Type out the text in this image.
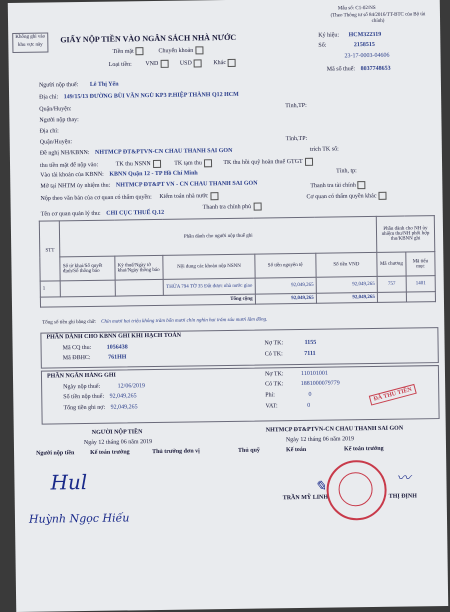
Không ghi vào khu vực này
GIẤY NỘP TIỀN VÀO NGÂN SÁCH NHÀ NƯỚC
Mẫu số: C1-02/NS
(Theo Thông tư số 84/2016/TT-BTC của Bộ tài chính)
Tiền mặt	Chuyển khoản
Loại tiền: VND	USD	Khác
Ký hiệu: HCM322319
Số:	2158515
23-17-0003-04606
Mã số thuế: 8037748653
Người nộp thuế: Lê Thị Yến
Địa chỉ: 149/15/13 ĐƯỜNG BÙI VĂN NGÙ KP3 P.HIỆP THÀNH Q12 HCM
Quận/Huyện:
Tỉnh,TP:
Người nộp thay:
Địa chỉ:
Quận/Huyện:
Tỉnh,TP:
Đề nghị NH/KBNN: NHTMCP ĐT&PTVN-CN CHAU THANH SAI GON	trích TK số:
thu tiền mặt để nộp vào:	TK thu NSNN	TK tạm thu	TK thu hồi quỹ hoàn thuế GTGT
Vào tài khoản của KBNN: KBNN Quận 12 - TP Hồ Chí Minh	Tỉnh, tp:
Mở tại NHTM ủy nhiệm thu: NHTMCP ĐT&PT VN - CN CHAU THANH SAI GON
Nộp theo văn bản của cơ quan có thẩm quyền: Kiểm toán nhà nước
Thanh tra tài chính
Thanh tra chính phủ
Cơ quan có thẩm quyền khác
Tên cơ quan quản lý thu: CHI CỤC THUẾ Q.12
STT	Phần dành cho người nộp thuế ghi					Phần dành cho NH ủy nhiệm thu/NH phối hợp thu/KBNN ghi	
	Số tờ khai/Số quyết định/Số thông báo	Kỳ thuế/Ngày tờ khai/Ngày thông báo	Nội dung các khoản nộp NSNN	Số tiền nguyên tệ	Số tiền VND	Mã chương	Mã tiểu mục
1			THỬA 794 TỜ 35 Đất được nhà nước giao	92,049,265	92,049,265	757	1401
Tổng cộng				92,049,265	92,049,265		
Tổng số tiền ghi bằng chữ: Chín mươi hai triệu không trăm bốn mươi chín nghìn hai trăm sáu mươi lăm đồng.
PHẦN DÀNH CHO KBNN GHI KHI HẠCH TOÁN
Mã CQ thu:	1056438
Mã ĐBHC:	761HH
Nợ TK:	1155
Có TK:	7111
PHẦN NGÂN HÀNG GHI
Ngày nộp thuế:	12/06/2019
Số tiền nộp thuế: 92,049,265
Tổng tiền ghi nợ: 92,049,265
Nợ TK:	110101001
Có TK:	1881000079779
Phí:	0
VAT:	0
ĐÃ THU TIỀN
NGƯỜI NỘP TIỀN
Ngày 12 tháng 06 năm 2019
Người nộp tiền	Kế toán trưởng	Thủ trưởng đơn vị
NHTMCP ĐT&PTVN-CN CHAU THANH SAI GON
Ngày 12 tháng 06 năm 2019
Thủ quỹ	Kế toán	Kế toán trưởng
Hul
Huỳnh Ngọc Hiếu
TRẦN MỸ LINH	THỊ ĐỊNH
✎
〰
